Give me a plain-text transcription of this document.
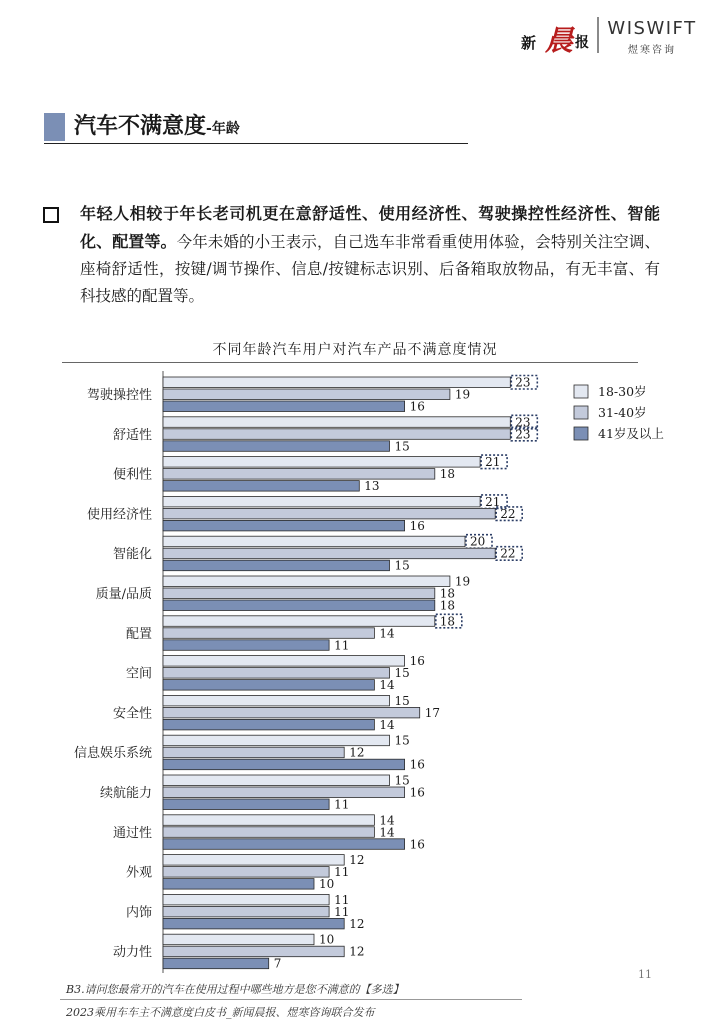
新 晨 报
WISWIFT
煜寒咨询
汽车不满意度-年龄
年轻人相较于年长老司机更在意舒适性、使用经济性、驾驶操控性经济性、智能化、配置等。今年未婚的小王表示，自己选车非常看重使用体验，会特别关注空调、座椅舒适性，按键/调节操作、信息/按键标志识别、后备箱取放物品，有无丰富、有科技感的配置等。
不同年龄汽车用户对汽车产品不满意度情况
驾驶操控性
23
19
16
舒适性
23
23
15
便利性
21
18
13
使用经济性
21
22
16
智能化
20
22
15
质量/品质
19
18
18
配置
18
14
11
空间
16
15
14
安全性
15
17
14
信息娱乐系统
15
12
16
续航能力
15
16
11
通过性
14
14
16
外观
12
11
10
内饰
11
11
12
动力性
10
12
7
18-30岁
31-40岁
41岁及以上
11
B3.请问您最常开的汽车在使用过程中哪些地方是您不满意的【多选】
2023乘用车车主不满意度白皮书_新闻晨报、煜寒咨询联合发布
